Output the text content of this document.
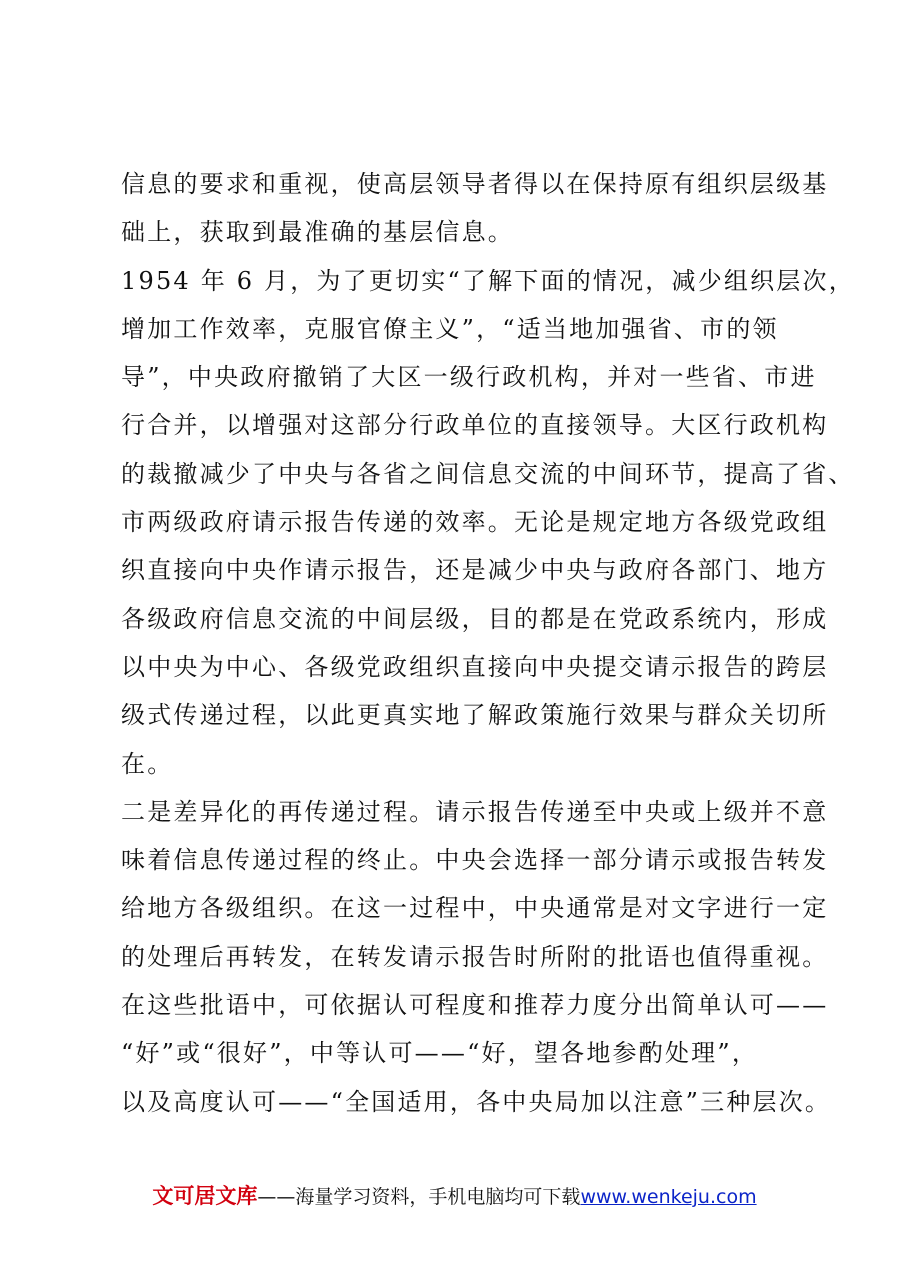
信息的要求和重视，使高层领导者得以在保持原有组织层级基
础上，获取到最准确的基层信息。
1954 年 6 月，为了更切实“了解下面的情况，减少组织层次，
增加工作效率，克服官僚主义”，“适当地加强省、市的领
导”，中央政府撤销了大区一级行政机构，并对一些省、市进
行合并，以增强对这部分行政单位的直接领导。大区行政机构
的裁撤减少了中央与各省之间信息交流的中间环节，提高了省、
市两级政府请示报告传递的效率。无论是规定地方各级党政组
织直接向中央作请示报告，还是减少中央与政府各部门、地方
各级政府信息交流的中间层级，目的都是在党政系统内，形成
以中央为中心、各级党政组织直接向中央提交请示报告的跨层
级式传递过程，以此更真实地了解政策施行效果与群众关切所
在。
二是差异化的再传递过程。请示报告传递至中央或上级并不意
味着信息传递过程的终止。中央会选择一部分请示或报告转发
给地方各级组织。在这一过程中，中央通常是对文字进行一定
的处理后再转发，在转发请示报告时所附的批语也值得重视。
在这些批语中，可依据认可程度和推荐力度分出简单认可——
“好”或“很好”，中等认可——“好，望各地参酌处理”，
以及高度认可——“全国适用，各中央局加以注意”三种层次。
文可居文库——海量学习资料，手机电脑均可下载www.wenkeju.com
